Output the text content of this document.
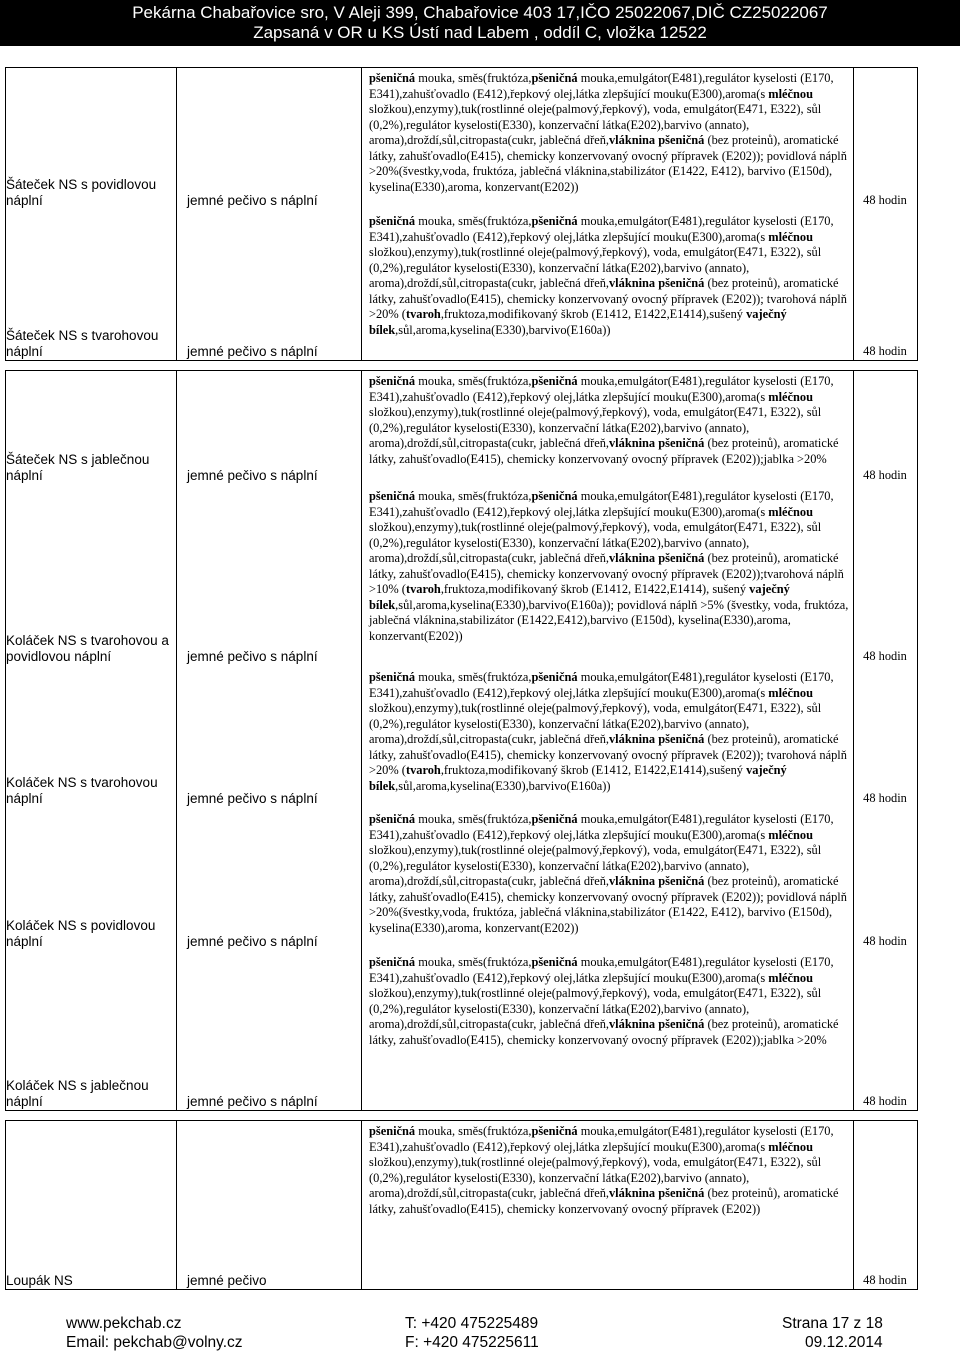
Pekárna Chabařovice sro, V Aleji 399, Chabařovice 403 17,IČO 25022067,DIČ CZ25022067
Zapsaná v OR u KS Ústí nad Labem , oddíl C, vložka 12522
Šáteček NS s povidlovou náplní	jemné pečivo s náplní
pšeničná mouka, směs(fruktóza,pšeničná mouka,emulgátor(E481),regulátor kyselosti (E170, E341),zahušťovadlo (E412),řepkový olej,látka zlepšující mouku(E300),aroma(s mléčnou složkou),enzymy),tuk(rostlinné oleje(palmový,řepkový), voda, emulgátor(E471, E322), sůl (0,2%),regulátor kyselosti(E330), konzervační látka(E202),barvivo (annato), aroma),droždí,sůl,citropasta(cukr, jablečná dřeň,vláknina pšeničná (bez proteinů), aromatické látky, zahušťovadlo(E415), chemicky konzervovaný ovocný přípravek (E202)); povidlová náplň >20%(švestky,voda, fruktóza, jablečná vláknina,stabilizátor (E1422, E412), barvivo (E150d), kyselina(E330),aroma, konzervant(E202))
48 hodin
Šáteček NS s tvarohovou náplní	jemné pečivo s náplní
pšeničná mouka, směs(fruktóza,pšeničná mouka,emulgátor(E481),regulátor kyselosti (E170, E341),zahušťovadlo (E412),řepkový olej,látka zlepšující mouku(E300),aroma(s mléčnou složkou),enzymy),tuk(rostlinné oleje(palmový,řepkový), voda, emulgátor(E471, E322), sůl (0,2%),regulátor kyselosti(E330), konzervační látka(E202),barvivo (annato), aroma),droždí,sůl,citropasta(cukr, jablečná dřeň,vláknina pšeničná (bez proteinů), aromatické látky, zahušťovadlo(E415), chemicky konzervovaný ovocný přípravek (E202)); tvarohová náplň >20% (tvaroh,fruktoza,modifikovaný škrob (E1412, E1422,E1414),sušený vaječný bílek,sůl,aroma,kyselina(E330),barvivo(E160a))
48 hodin
Šáteček NS s jablečnou náplní	jemné pečivo s náplní
pšeničná mouka, směs(fruktóza,pšeničná mouka,emulgátor(E481),regulátor kyselosti (E170, E341),zahušťovadlo (E412),řepkový olej,látka zlepšující mouku(E300),aroma(s mléčnou složkou),enzymy),tuk(rostlinné oleje(palmový,řepkový), voda, emulgátor(E471, E322), sůl (0,2%),regulátor kyselosti(E330), konzervační látka(E202),barvivo (annato), aroma),droždí,sůl,citropasta(cukr, jablečná dřeň,vláknina pšeničná (bez proteinů), aromatické látky, zahušťovadlo(E415), chemicky konzervovaný ovocný přípravek (E202));jablka >20%
48 hodin
Koláček NS s tvarohovou a povidlovou náplní	jemné pečivo s náplní
pšeničná mouka, směs(fruktóza,pšeničná mouka,emulgátor(E481),regulátor kyselosti (E170, E341),zahušťovadlo (E412),řepkový olej,látka zlepšující mouku(E300),aroma(s mléčnou složkou),enzymy),tuk(rostlinné oleje(palmový,řepkový), voda, emulgátor(E471, E322), sůl (0,2%),regulátor kyselosti(E330), konzervační látka(E202),barvivo (annato), aroma),droždí,sůl,citropasta(cukr, jablečná dřeň,vláknina pšeničná (bez proteinů), aromatické látky, zahušťovadlo(E415), chemicky konzervovaný ovocný přípravek (E202));tvarohová náplň >10% (tvaroh,fruktoza,modifikovaný škrob (E1412, E1422,E1414), sušený vaječný bílek,sůl,aroma,kyselina(E330),barvivo(E160a)); povidlová náplň >5% (švestky, voda, fruktóza, jablečná vláknina,stabilizátor (E1422,E412),barvivo (E150d), kyselina(E330),aroma, konzervant(E202))
48 hodin
Koláček NS s tvarohovou náplní	jemné pečivo s náplní
pšeničná mouka, směs(fruktóza,pšeničná mouka,emulgátor(E481),regulátor kyselosti (E170, E341),zahušťovadlo (E412),řepkový olej,látka zlepšující mouku(E300),aroma(s mléčnou složkou),enzymy),tuk(rostlinné oleje(palmový,řepkový), voda, emulgátor(E471, E322), sůl (0,2%),regulátor kyselosti(E330), konzervační látka(E202),barvivo (annato), aroma),droždí,sůl,citropasta(cukr, jablečná dřeň,vláknina pšeničná (bez proteinů), aromatické látky, zahušťovadlo(E415), chemicky konzervovaný ovocný přípravek (E202)); tvarohová náplň >20% (tvaroh,fruktoza,modifikovaný škrob (E1412, E1422,E1414),sušený vaječný bílek,sůl,aroma,kyselina(E330),barvivo(E160a))
48 hodin
Koláček NS s povidlovou náplní	jemné pečivo s náplní
pšeničná mouka, směs(fruktóza,pšeničná mouka,emulgátor(E481),regulátor kyselosti (E170, E341),zahušťovadlo (E412),řepkový olej,látka zlepšující mouku(E300),aroma(s mléčnou složkou),enzymy),tuk(rostlinné oleje(palmový,řepkový), voda, emulgátor(E471, E322), sůl (0,2%),regulátor kyselosti(E330), konzervační látka(E202),barvivo (annato), aroma),droždí,sůl,citropasta(cukr, jablečná dřeň,vláknina pšeničná (bez proteinů), aromatické látky, zahušťovadlo(E415), chemicky konzervovaný ovocný přípravek (E202)); povidlová náplň >20%(švestky,voda, fruktóza, jablečná vláknina,stabilizátor (E1422, E412), barvivo (E150d), kyselina(E330),aroma, konzervant(E202))
48 hodin
Koláček NS s jablečnou náplní	jemné pečivo s náplní
pšeničná mouka, směs(fruktóza,pšeničná mouka,emulgátor(E481),regulátor kyselosti (E170, E341),zahušťovadlo (E412),řepkový olej,látka zlepšující mouku(E300),aroma(s mléčnou složkou),enzymy),tuk(rostlinné oleje(palmový,řepkový), voda, emulgátor(E471, E322), sůl (0,2%),regulátor kyselosti(E330), konzervační látka(E202),barvivo (annato), aroma),droždí,sůl,citropasta(cukr, jablečná dřeň,vláknina pšeničná (bez proteinů), aromatické látky, zahušťovadlo(E415), chemicky konzervovaný ovocný přípravek (E202));jablka >20%
48 hodin
Loupák NS	jemné pečivo
pšeničná mouka, směs(fruktóza,pšeničná mouka,emulgátor(E481),regulátor kyselosti (E170, E341),zahušťovadlo (E412),řepkový olej,látka zlepšující mouku(E300),aroma(s mléčnou složkou),enzymy),tuk(rostlinné oleje(palmový,řepkový), voda, emulgátor(E471, E322), sůl (0,2%),regulátor kyselosti(E330), konzervační látka(E202),barvivo (annato), aroma),droždí,sůl,citropasta(cukr, jablečná dřeň,vláknina pšeničná (bez proteinů), aromatické látky, zahušťovadlo(E415), chemicky konzervovaný ovocný přípravek (E202))
48 hodin
www.pekchab.cz	T: +420 475225489	Strana 17 z 18
Email: pekchab@volny.cz	F: +420 475225611	09.12.2014
